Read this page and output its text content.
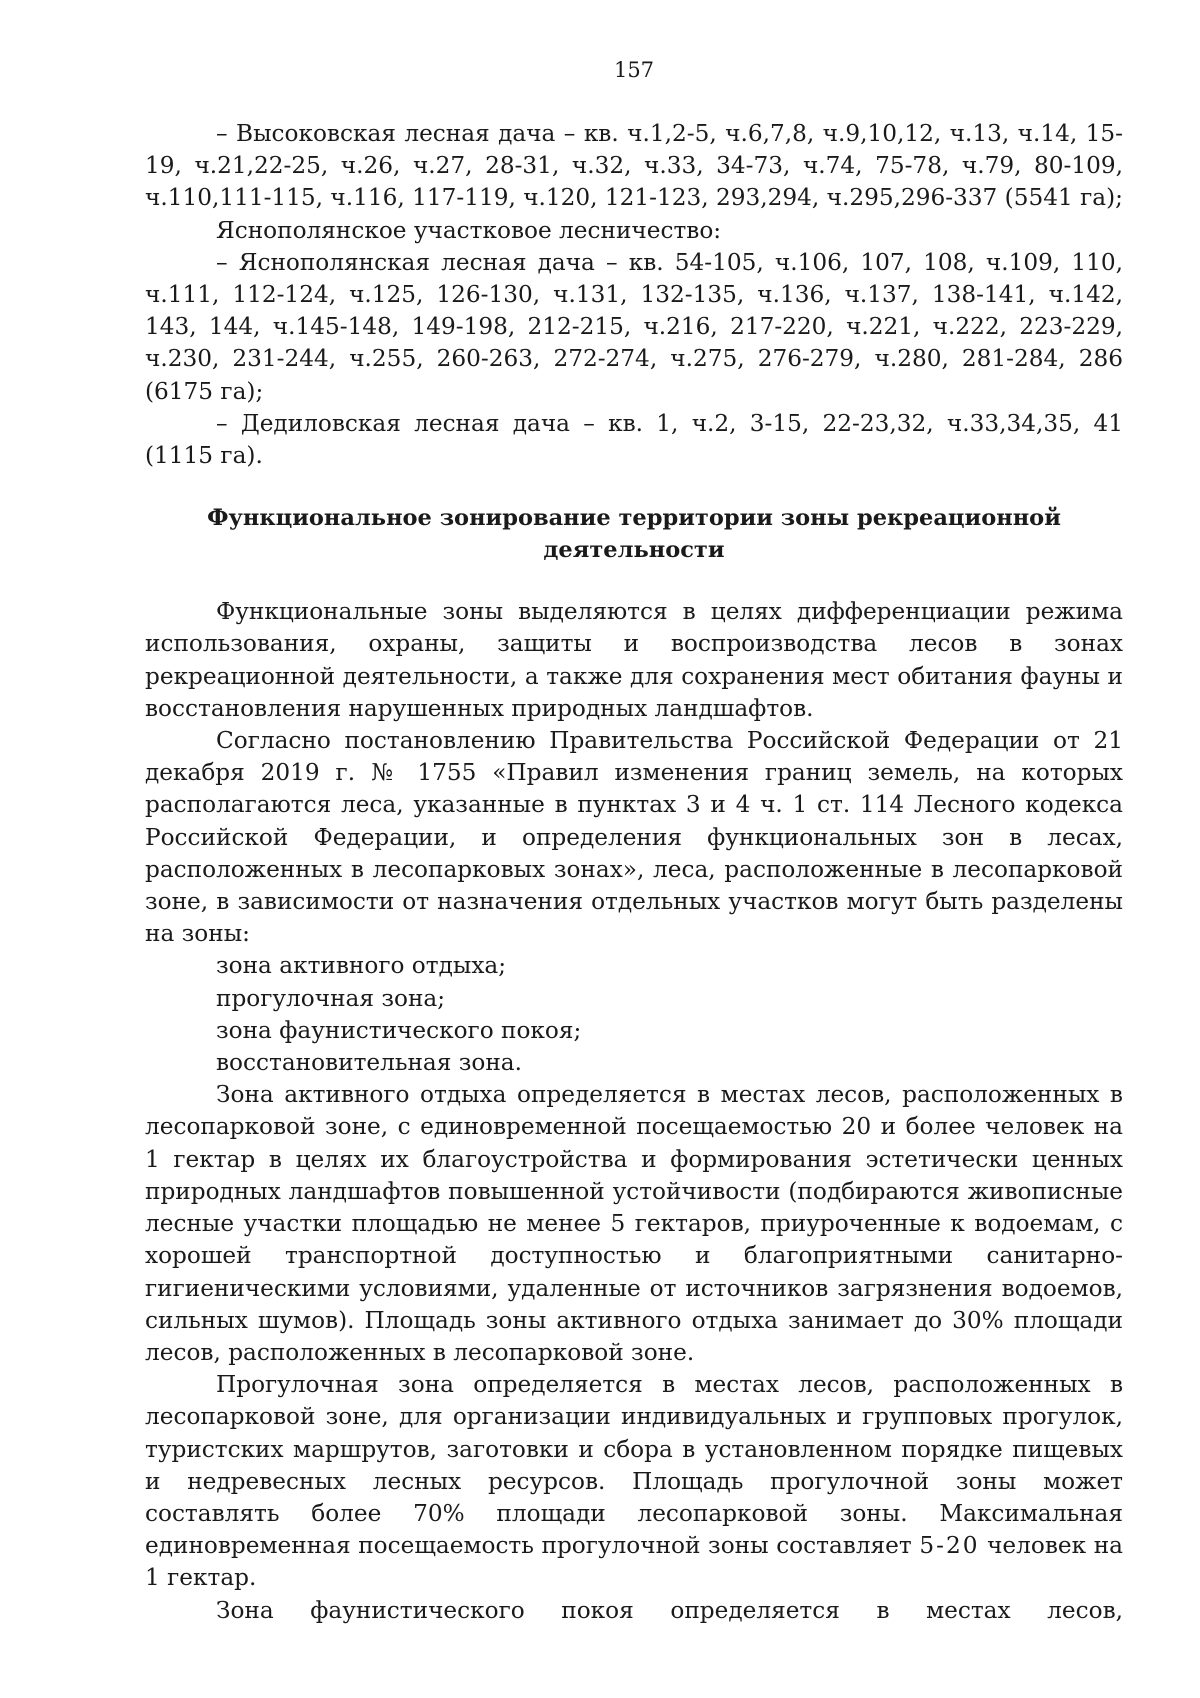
157

– Высоковская лесная дача – кв. ч.1,2-5, ч.6,7,8, ч.9,10,12, ч.13, ч.14, 15-19, ч.21,22-25, ч.26, ч.27, 28-31, ч.32, ч.33, 34-73, ч.74, 75-78, ч.79, 80-109, ч.110,111-115, ч.116, 117-119, ч.120, 121-123, 293,294, ч.295,296-337 (5541 га);

Яснополянское участковое лесничество:

– Яснополянская лесная дача – кв. 54-105, ч.106, 107, 108, ч.109, 110, ч.111, 112-124, ч.125, 126-130, ч.131, 132-135, ч.136, ч.137, 138-141, ч.142, 143, 144, ч.145-148, 149-198, 212-215, ч.216, 217-220, ч.221, ч.222, 223-229, ч.230, 231-244, ч.255, 260-263, 272-274, ч.275, 276-279, ч.280, 281-284, 286 (6175 га);

– Дедиловская лесная дача – кв. 1, ч.2, 3-15, 22-23,32, ч.33,34,35, 41 (1115 га).

Функциональное зонирование территории зоны рекреационной деятельности

Функциональные зоны выделяются в целях дифференциации режима использования, охраны, защиты и воспроизводства лесов в зонах рекреационной деятельности, а также для сохранения мест обитания фауны и восстановления нарушенных природных ландшафтов.

Согласно постановлению Правительства Российской Федерации от 21 декабря 2019 г. № 1755 «Правил изменения границ земель, на которых располагаются леса, указанные в пунктах 3 и 4 ч. 1 ст. 114 Лесного кодекса Российской Федерации, и определения функциональных зон в лесах, расположенных в лесопарковых зонах», леса, расположенные в лесопарковой зоне, в зависимости от назначения отдельных участков могут быть разделены на зоны:

зона активного отдыха;

прогулочная зона;

зона фаунистического покоя;

восстановительная зона.

Зона активного отдыха определяется в местах лесов, расположенных в лесопарковой зоне, с единовременной посещаемостью 20 и более человек на 1 гектар в целях их благоустройства и формирования эстетически ценных природных ландшафтов повышенной устойчивости (подбираются живописные лесные участки площадью не менее 5 гектаров, приуроченные к водоемам, с хорошей транспортной доступностью и благоприятными санитарно-гигиеническими условиями, удаленные от источников загрязнения водоемов, сильных шумов). Площадь зоны активного отдыха занимает до 30% площади лесов, расположенных в лесопарковой зоне.

Прогулочная зона определяется в местах лесов, расположенных в лесопарковой зоне, для организации индивидуальных и групповых прогулок, туристских маршрутов, заготовки и сбора в установленном порядке пищевых и недревесных лесных ресурсов. Площадь прогулочной зоны может составлять более 70% площади лесопарковой зоны. Максимальная единовременная посещаемость прогулочной зоны составляет 5-20 человек на 1 гектар.

Зона фаунистического покоя определяется в местах лесов,
